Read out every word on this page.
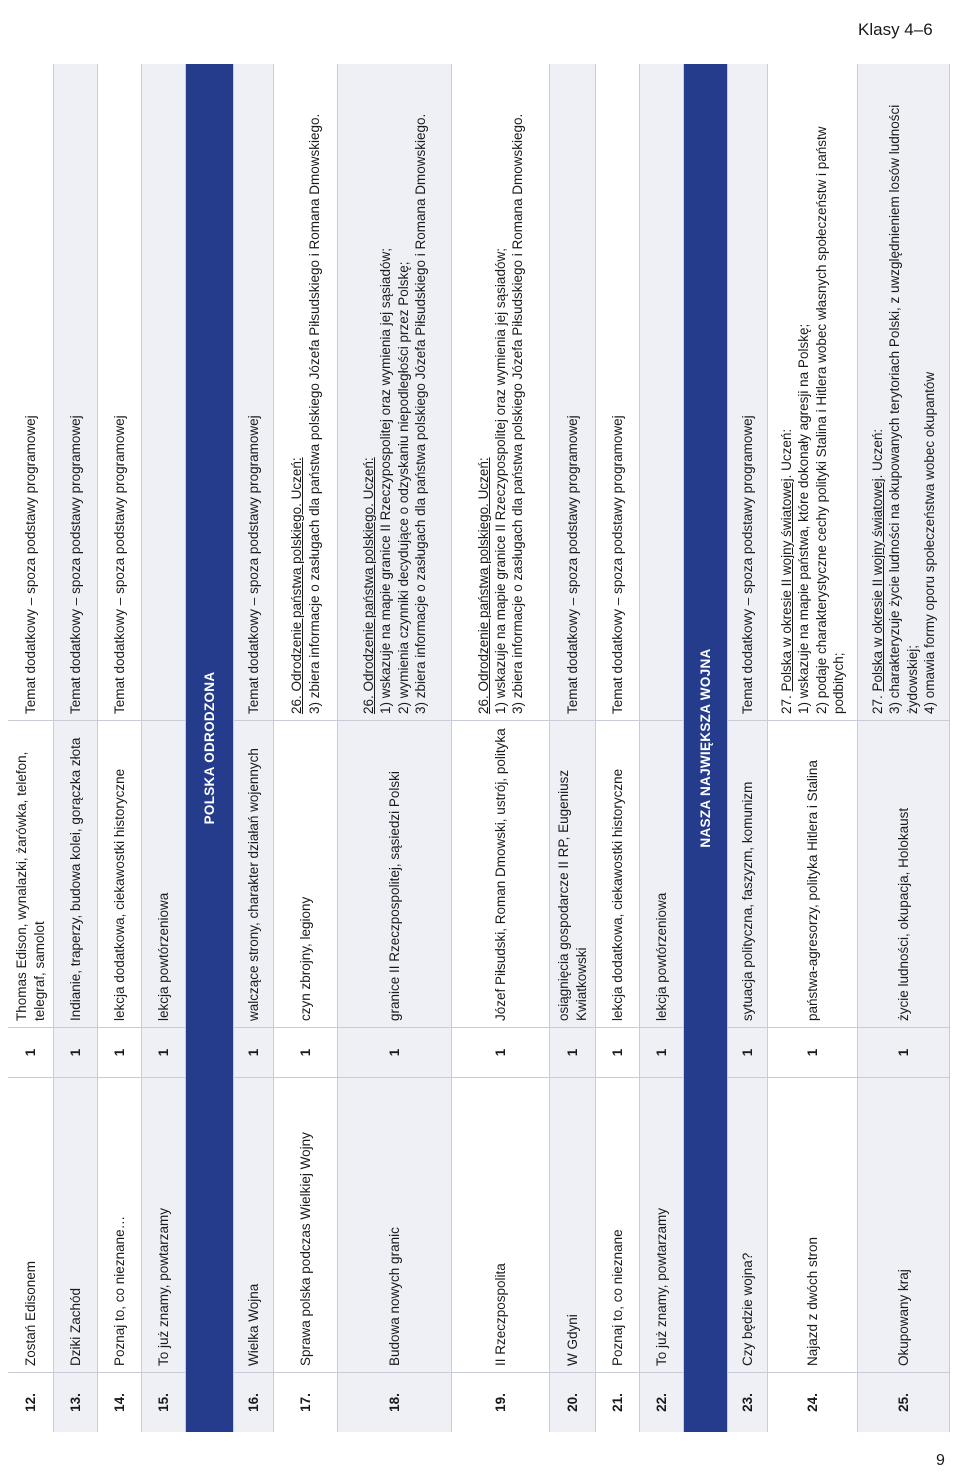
Klasy 4–6
9
12.
Zostań Edisonem
1
Thomas Edison, wynalazki, żarówka, telefon, telegraf, samolot
Temat dodatkowy – spoza podstawy programowej
13.
Dziki Zachód
1
Indianie, traperzy, budowa kolei, gorączka złota
Temat dodatkowy – spoza podstawy programowej
14.
Poznaj to, co nieznane…
1
lekcja dodatkowa, ciekawostki historyczne
Temat dodatkowy – spoza podstawy programowej
15.
To już znamy, powtarzamy
1
lekcja powtórzeniowa
POLSKA ODRODZONA
16.
Wielka Wojna
1
walczące strony, charakter działań wojennych
Temat dodatkowy – spoza podstawy programowej
17.
Sprawa polska podczas Wielkiej Wojny
1
czyn zbrojny, legiony
26. Odrodzenie państwa polskiego. Uczeń: 3) zbiera informacje o zasługach dla państwa polskiego Józefa Piłsudskiego i Romana Dmowskiego.
18.
Budowa nowych granic
1
granice II Rzeczpospolitej, sąsiedzi Polski
26. Odrodzenie państwa polskiego. Uczeń: 1) wskazuje na mapie granice II Rzeczypospolitej oraz wymienia jej sąsiadów; 2) wymienia czynniki decydujące o odzyskaniu niepodległości przez Polskę; 3) zbiera informacje o zasługach dla państwa polskiego Józefa Piłsudskiego i Romana Dmowskiego.
19.
II Rzeczpospolita
1
Józef Piłsudski, Roman Dmowski, ustrój, polityka
26. Odrodzenie państwa polskiego. Uczeń: 1) wskazuje na mapie granice II Rzeczypospolitej oraz wymienia jej sąsiadów; 3) zbiera informacje o zasługach dla państwa polskiego Józefa Piłsudskiego i Romana Dmowskiego.
20.
W Gdyni
1
osiągnięcia gospodarcze II RP, Eugeniusz Kwiatkowski
Temat dodatkowy – spoza podstawy programowej
21.
Poznaj to, co nieznane
1
lekcja dodatkowa, ciekawostki historyczne
Temat dodatkowy – spoza podstawy programowej
22.
To już znamy, powtarzamy
1
lekcja powtórzeniowa
NASZA NAJWIĘKSZA WOJNA
23.
Czy będzie wojna?
1
sytuacja polityczna, faszyzm, komunizm
Temat dodatkowy – spoza podstawy programowej
24.
Najazd z dwóch stron
1
państwa-agresorzy, polityka Hitlera i Stalina
27. Polska w okresie II wojny światowej. Uczeń: 1) wskazuje na mapie państwa, które dokonały agresji na Polskę; 2) podaje charakterystyczne cechy polityki Stalina i Hitlera wobec własnych społeczeństw i państw podbitych;
25.
Okupowany kraj
1
życie ludności, okupacja, Holokaust
27. Polska w okresie II wojny światowej. Uczeń: 3) charakteryzuje życie ludności na okupowanych terytoriach Polski, z uwzględnieniem losów ludności żydowskiej; 4) omawia formy oporu społeczeństwa wobec okupantów
